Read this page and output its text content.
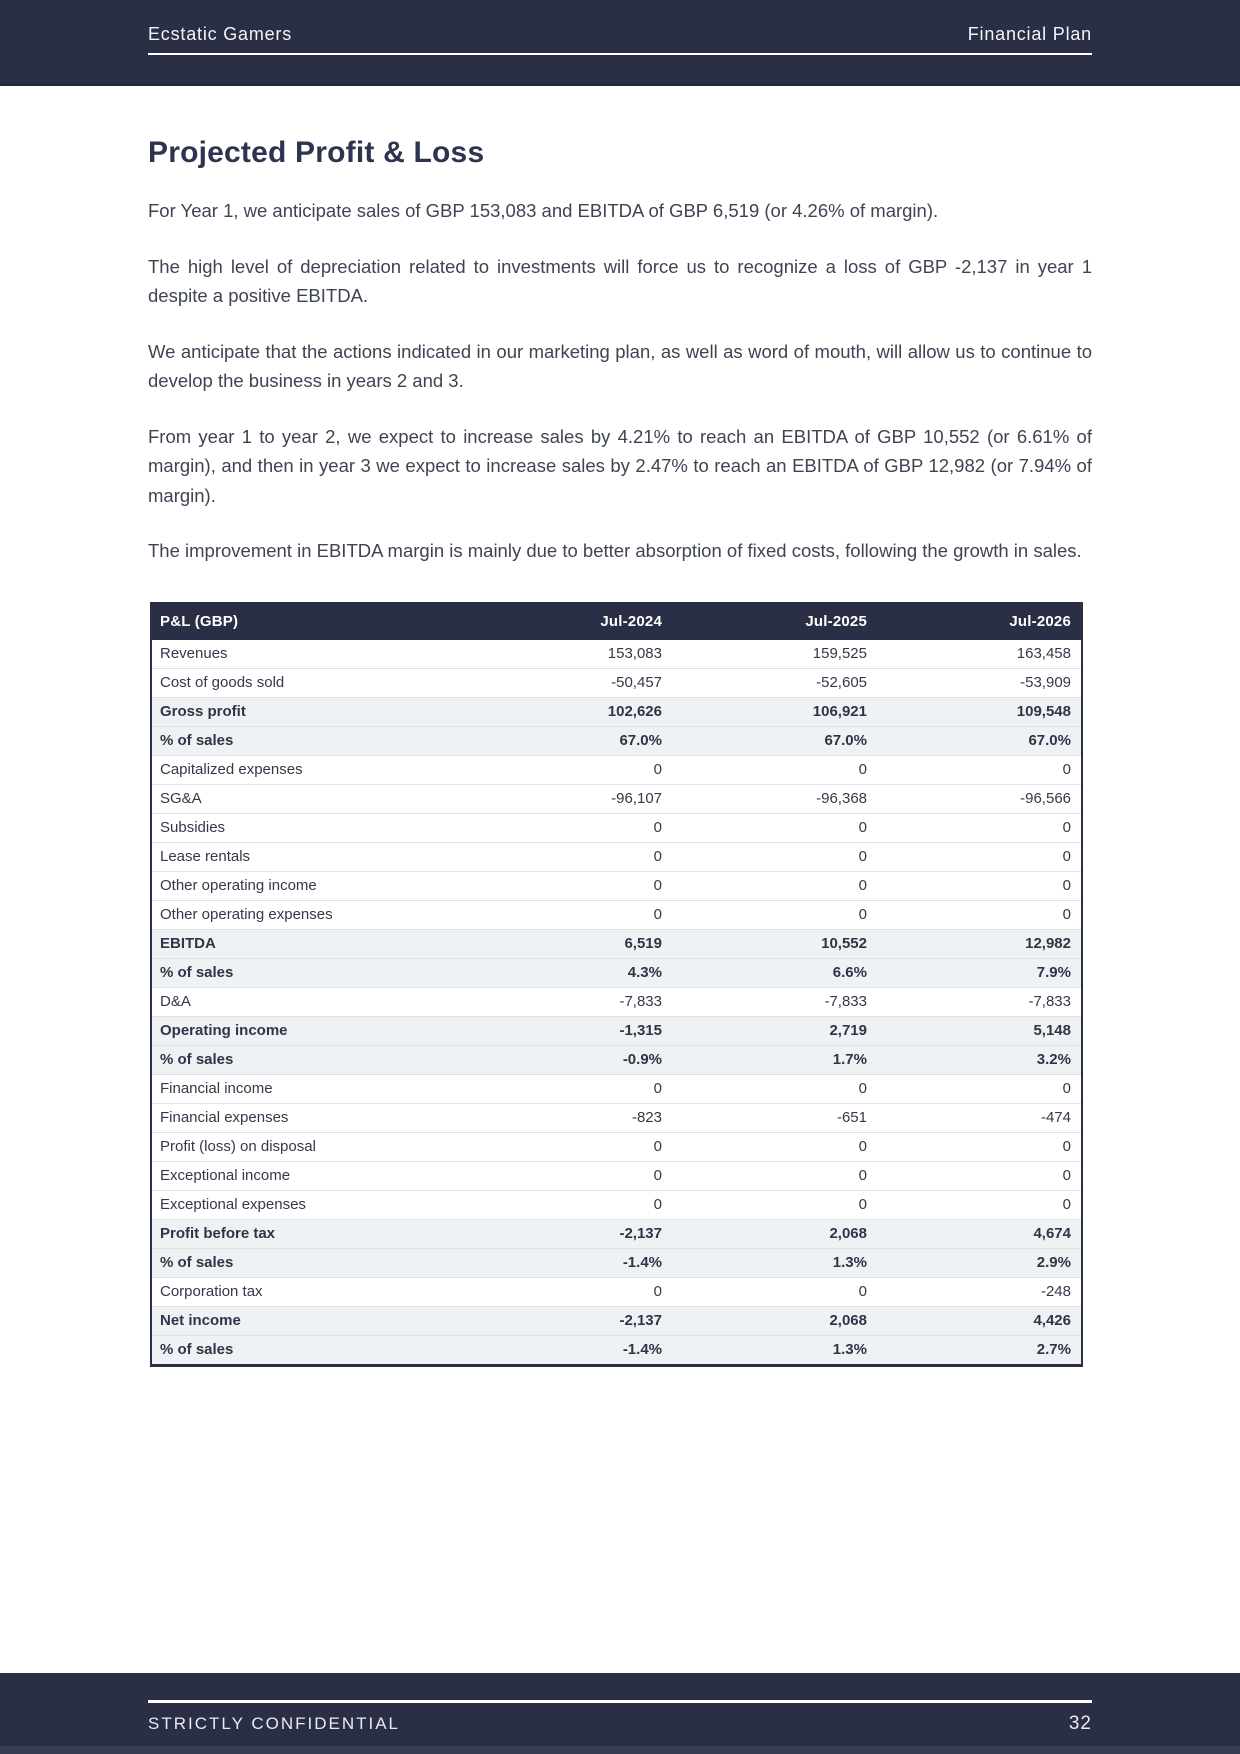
Ecstatic Gamers	Financial Plan
Projected Profit & Loss

For Year 1, we anticipate sales of GBP 153,083 and EBITDA of GBP 6,519 (or 4.26% of margin).

The high level of depreciation related to investments will force us to recognize a loss of GBP -2,137 in year 1 despite a positive EBITDA.

We anticipate that the actions indicated in our marketing plan, as well as word of mouth, will allow us to continue to develop the business in years 2 and 3.

From year 1 to year 2, we expect to increase sales by 4.21% to reach an EBITDA of GBP 10,552 (or 6.61% of margin), and then in year 3 we expect to increase sales by 2.47% to reach an EBITDA of GBP 12,982 (or 7.94% of margin).

The improvement in EBITDA margin is mainly due to better absorption of fixed costs, following the growth in sales.

P&L (GBP)	Jul-2024	Jul-2025	Jul-2026
Revenues	153,083	159,525	163,458
Cost of goods sold	-50,457	-52,605	-53,909
Gross profit	102,626	106,921	109,548
% of sales	67.0%	67.0%	67.0%
Capitalized expenses	0	0	0
SG&A	-96,107	-96,368	-96,566
Subsidies	0	0	0
Lease rentals	0	0	0
Other operating income	0	0	0
Other operating expenses	0	0	0
EBITDA	6,519	10,552	12,982
% of sales	4.3%	6.6%	7.9%
D&A	-7,833	-7,833	-7,833
Operating income	-1,315	2,719	5,148
% of sales	-0.9%	1.7%	3.2%
Financial income	0	0	0
Financial expenses	-823	-651	-474
Profit (loss) on disposal	0	0	0
Exceptional income	0	0	0
Exceptional expenses	0	0	0
Profit before tax	-2,137	2,068	4,674
% of sales	-1.4%	1.3%	2.9%
Corporation tax	0	0	-248
Net income	-2,137	2,068	4,426
% of sales	-1.4%	1.3%	2.7%
STRICTLY CONFIDENTIAL	32
